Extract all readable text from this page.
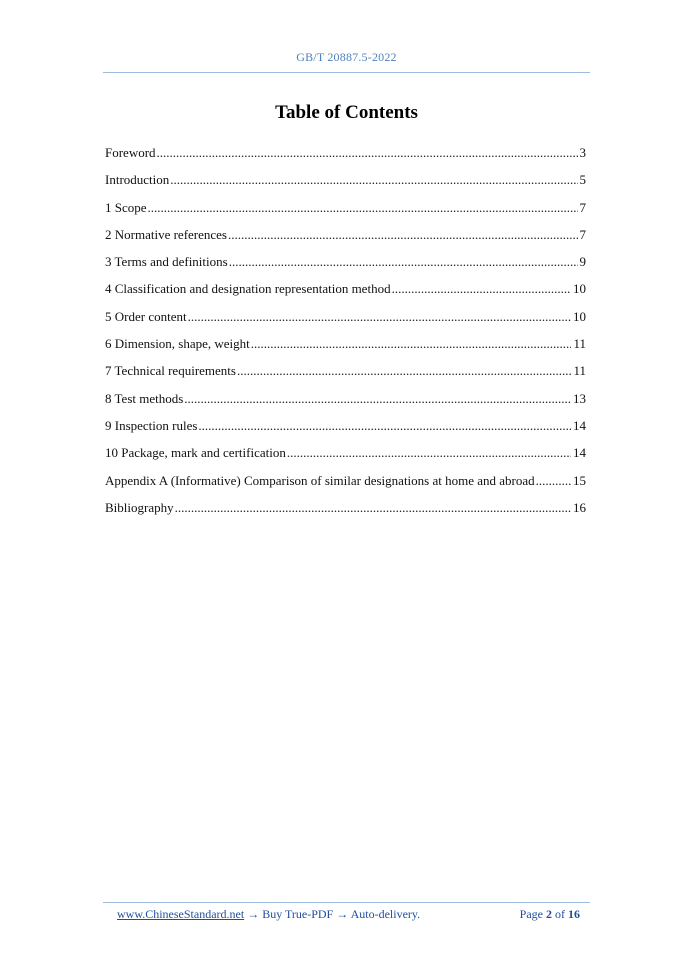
GB/T 20887.5-2022
Table of Contents
Foreword .....	3
Introduction .....	5
1 Scope .....	7
2 Normative references .....	7
3 Terms and definitions .....	9
4 Classification and designation representation method .....	10
5 Order content .....	10
6 Dimension, shape, weight .....	11
7 Technical requirements .....	11
8 Test methods .....	13
9 Inspection rules .....	14
10 Package, mark and certification .....	14
Appendix A (Informative) Comparison of similar designations at home and abroad .....	15
Bibliography .....	16
www.ChineseStandard.net → Buy True-PDF → Auto-delivery.	Page 2 of 16
